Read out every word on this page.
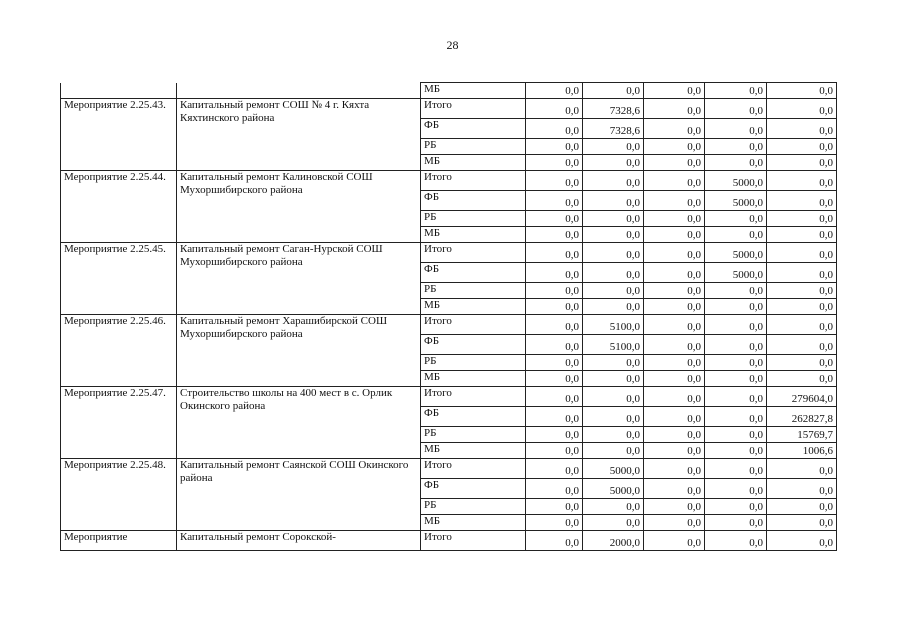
28
		МБ	0,0	0,0	0,0	0,0	0,0
Мероприятие 2.25.43.	Капитальный ремонт СОШ № 4 г. Кяхта Кяхтинского района	Итого	0,0	7328,6	0,0	0,0	0,0
		ФБ	0,0	7328,6	0,0	0,0	0,0
		РБ	0,0	0,0	0,0	0,0	0,0
		МБ	0,0	0,0	0,0	0,0	0,0
Мероприятие 2.25.44.	Капитальный ремонт Калиновской СОШ Мухоршибирского района	Итого	0,0	0,0	0,0	5000,0	0,0
		ФБ	0,0	0,0	0,0	5000,0	0,0
		РБ	0,0	0,0	0,0	0,0	0,0
		МБ	0,0	0,0	0,0	0,0	0,0
Мероприятие 2.25.45.	Капитальный ремонт Саган-Нурской СОШ Мухоршибирского района	Итого	0,0	0,0	0,0	5000,0	0,0
		ФБ	0,0	0,0	0,0	5000,0	0,0
		РБ	0,0	0,0	0,0	0,0	0,0
		МБ	0,0	0,0	0,0	0,0	0,0
Мероприятие 2.25.46.	Капитальный ремонт Харашибирской СОШ Мухоршибирского района	Итого	0,0	5100,0	0,0	0,0	0,0
		ФБ	0,0	5100,0	0,0	0,0	0,0
		РБ	0,0	0,0	0,0	0,0	0,0
		МБ	0,0	0,0	0,0	0,0	0,0
Мероприятие 2.25.47.	Строительство школы на 400 мест в с. Орлик Окинского района	Итого	0,0	0,0	0,0	0,0	279604,0
		ФБ	0,0	0,0	0,0	0,0	262827,8
		РБ	0,0	0,0	0,0	0,0	15769,7
		МБ	0,0	0,0	0,0	0,0	1006,6
Мероприятие 2.25.48.	Капитальный ремонт Саянской СОШ Окинского района	Итого	0,0	5000,0	0,0	0,0	0,0
		ФБ	0,0	5000,0	0,0	0,0	0,0
		РБ	0,0	0,0	0,0	0,0	0,0
		МБ	0,0	0,0	0,0	0,0	0,0
Мероприятие	Капитальный ремонт Сорокской-	Итого	0,0	2000,0	0,0	0,0	0,0
